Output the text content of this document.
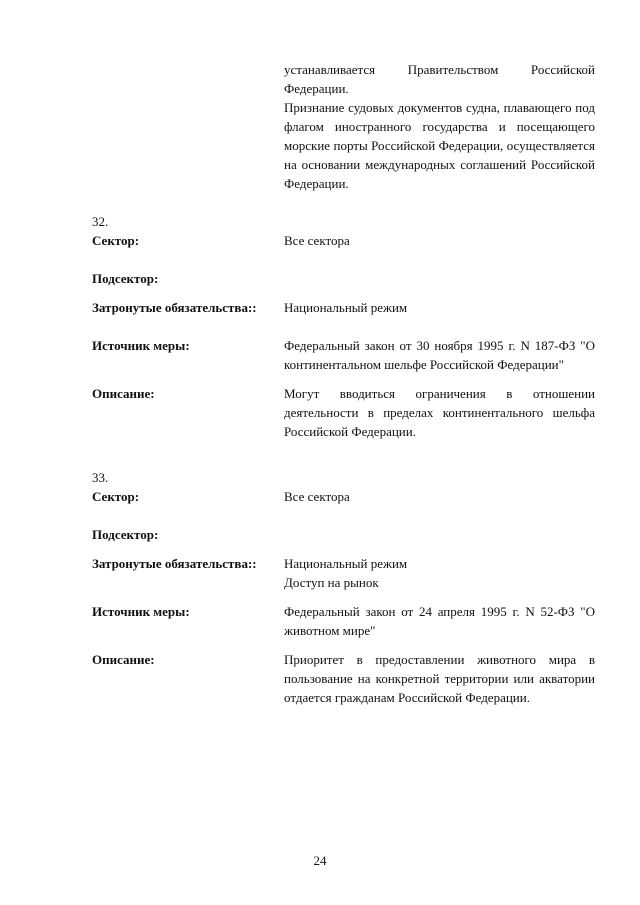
устанавливается Правительством Российской Федерации.

Признание судовых документов судна, плавающего под флагом иностранного государства и посещающего морские порты Российской Федерации, осуществляется на основании международных соглашений Российской Федерации.

32.

Сектор:	Все сектора

Подсектор:

Затронутые обязательства:: Национальный режим

Источник меры:	Федеральный закон от 30 ноября 1995 г. N 187-ФЗ "О континентальном шельфе Российской Федерации"

Описание:	Могут вводиться ограничения в отношении деятельности в пределах континентального шельфа Российской Федерации.

33.

Сектор:	Все сектора

Подсектор:

Затронутые обязательства:: Национальный режим

Доступ на рынок

Источник меры:	Федеральный закон от 24 апреля 1995 г. N 52-ФЗ "О животном мире"

Описание:	Приоритет в предоставлении животного мира в пользование на конкретной территории или акватории отдается гражданам Российской Федерации.

24
